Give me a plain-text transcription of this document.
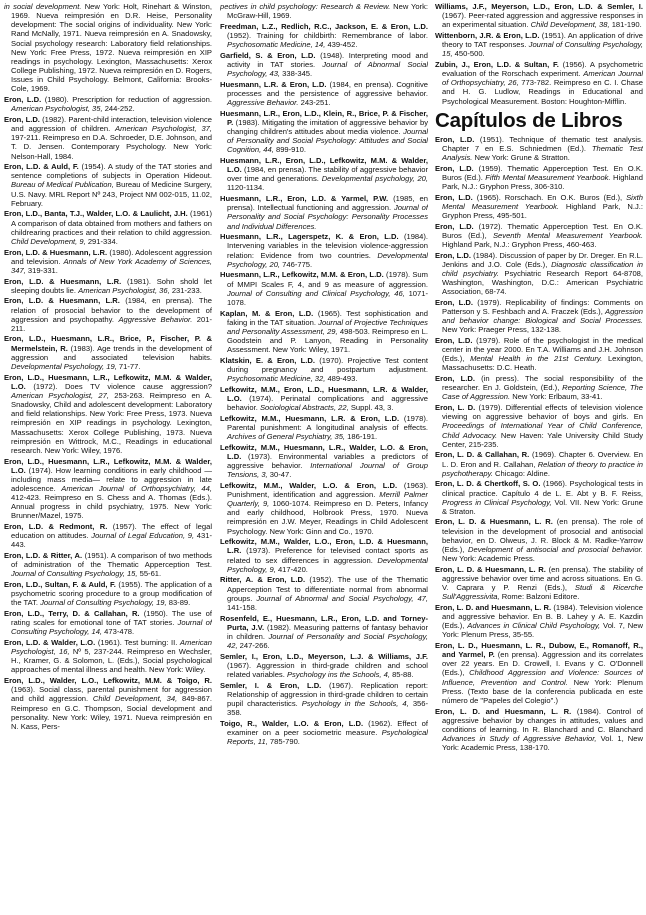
in social development. New York: Holt, Rinehart & Winston, 1969. Nueva reimpresión en D.R. Heise, Personality development: The social origins of individuality. New York: Rand McNally, 1971. Nueva reimpresión en A. Snadowsky, Social psychology research: Laboratory field relationships. New York: Free Press, 1972. Nueva reimpresión en XIP readings in psychology. Lexington, Massachusetts: Xerox College Publishing, 1972. Nueva reimpresión en D. Rogers, Issues in Child Psychology. Belmont, California: Brooks-Cole, 1969.

Eron, L.D. (1980). Prescription for reduction of aggression. American Psychologist, 35, 244-252.

Eron, L.D. (1982). Parent-child interaction, television violence and aggression of children. American Psychologist, 37, 197-211. Reimpreso en D.A. Schroeder, D.E. Johnson, and T. D. Jensen. Contemporary Psychology. New York: Nelson-Hall, 1984.

Eron, L.D. & Auld, F. (1954). A study of the TAT stories and sentence completions of subjects in Operation Hideout. Bureau of Medical Publication, Bureau of Medicine Surgery, U.S. Navy. MRL Report Nº 243, Project NM 002-015, 11.02, February.

Eron, L.D., Banta, T.J., Walder, L.O. & Laulicht, J.H. (1961) A comparison of data obtained from mothers and fathers on childrearing practices and their relation to child aggression. Child Development, 9, 291-334.

Eron, L.D. & Huesmann, L.R. (1980). Adolescent aggression and television. Annals of New York Academy of Sciences, 347, 319-331.

Eron, L.D. & Huesmann, L.R. (1981). Sohn shold let sleeping doubts lie. American Psychologist, 36, 231-233.

Eron, L.D. & Huesmann, L.R. (1984, en prensa). The relation of prosocial behavior to the development of aggression and psychopathy. Aggressive Behavior. 201-211.

Eron, L.D., Huesmann, L.R., Brice, P., Fischer, P. & Mermelstein, R. (1983). Age trends in the development of aggression and associated television habits. Developmental Psychology, 19, 71-77.

Eron, L.D., Huesmann, L.R., Lefkowitz, M.M. & Walder, L.O. (1972). Does TV violence cause aggression? American Psychologist, 27, 253-263. Reimpreso en A. Snadowsky, Child and adolescent development: Laboratory and field relationships. New York: Free Press, 1973. Nueva reimpresión en XIP readings in psychology. Lexington, Massachusetts: Xerox College Publishing, 1973. Nueva reimpresión en Wittrock, M.C., Readings in educational research. New York: Wiley, 1976.

Eron, L.D., Huesmann, L.R., Lefkowitz, M.M. & Walder, L.O. (1974). How learning conditions in early childhood —including mass media— relate to aggression in late adolescence. American Journal of Orthopsychiatry, 44, 412-423. Reimpreso en S. Chess and A. Thomas (Eds.). Annual progress in child psychiatry, 1975. New York: Brunner/Mazel, 1975.

Eron, L.D. & Redmont, R. (1957). The effect of legal education on attitudes. Journal of Legal Education, 9, 431-443.

Eron, L.D. & Ritter, A. (1951). A comparison of two methods of administration of the Thematic Apperception Test. Journal of Consulting Psychology, 15, 55-61.

Eron, L.D., Sultan, F. & Auld, F. (1955). The application of a psychometric scoring procedure to a group modification of the TAT. Journal of Consulting Psychology, 19, 83-89.

Eron, L.D., Terry, D. & Callahan, R. (1950). The use of rating scales for emotional tone of TAT stories. Journal of Consulting Psychology, 14, 473-478.

Eron, L.D. & Walder, L.O. (1961). Test burning: II. American Psychologist, 16, Nº 5, 237-244. Reimpreso en Wechsler, H., Kramer, G. & Solomon, L. (Eds.), Social psychological approaches of mental illness and health. New York: Wiley.

Eron, L.D., Walder, L.O., Lefkowitz, M.M. & Toigo, R. (1963). Social class, parental punishment for aggression and child aggression. Child Development, 34, 849-867. Reimpreso en G.C. Thompson, Social development and personality. New York: Wiley, 1971. Nueva reimpresión en N. Kass, Pers-

pectives in child psychology: Research & Review. New York: McGraw-Hill, 1969.

Freedman, L.Z., Redlich, R.C., Jackson, E. & Eron, L.D. (1952). Training for childbirth: Remembrance of labor. Psychosomatic Medicine, 14, 439-452.

Garfield, S. & Eron, L.D. (1948). Interpreting mood and activity in TAT stories. Journal of Abnormal Social Psychology, 43, 338-345.

Huesmann, L.R. & Eron, L.D. (1984, en prensa). Cognitive processes and the persistence of aggressive behavior. Aggressive Behavior. 243-251.

Huesmann, L.R., Eron, L.D., Klein, R., Brice, P. & Fischer, P. (1983). Mitigating the imitation of aggressive behavior by changing children's attitudes about media violence. Journal of Personality and Social Psychology: Attitudes and Social Cognition, 44, 899-910.

Huesmann, L.R., Eron, L.D., Lefkowitz, M.M. & Walder, L.O. (1984, en prensa). The stability of aggressive behavior over time and generations. Developmental psychology, 20, 1120-1134.

Huesmann, L.R., Eron, L.D. & Yarmel, P.W. (1985, en prensa). Intellectual functioning and aggression. Journal of Personality and Social Psychology: Personality Processes and Individual Differences.

Huesmann, L.R., Lagerspetz, K. & Eron, L.D. (1984). Intervening variables in the television violence-aggression relation: Evidence from two countries. Developmental Psychology, 20, 746-775.

Huesmann, L.R., Lefkowitz, M.M. & Eron, L.D. (1978). Sum of MMPI Scales F, 4, and 9 as measure of aggression. Journal of Consulting and Clinical Psychology, 46, 1071-1078.

Kaplan, M. & Eron, L.D. (1965). Test sophistication and faking in the TAT situation. Journal of Projective Techniques and Personality Assessment, 29, 498-503. Reimpreso en L. Goodstein and P. Lanyon, Reading in Personality Assessment. New York: Wiley, 1971.

Klatskin, E. & Eron, L.D. (1970). Projective Test content during pregnancy and postpartum adjustment. Psychosomatic Medicine, 32, 489-493.

Lefkowitz, M.M., Eron, L.D., Huesmann, L.R. & Walder, L.O. (1974). Perinatal complications and aggressive behavior. Sociological Abstracts, 22, Suppl. 43, 3.

Lefkowitz, M.M., Huesmann, L.R. & Eron, L.D. (1978). Parental punishment: A longitudinal analysis of effects. Archives of General Psychiatry, 35, 186-191.

Lefkowitz, M.M., Huesmann, L.R., Walder, L.O. & Eron, L.D. (1973). Environmental variables a predictors of aggressive behavior. International Journal of Group Tensions, 3, 30-47.

Lefkowitz, M.M., Walder, L.O. & Eron, L.D. (1963). Punishment, identification and aggression. Merrill Palmer Quarterly, 9, 1060-1074. Reimpreso en D. Peters, Infancy and early childhood, Holbrook Press, 1970. Nueva reimpresión en J.W. Meyer, Readings in Child Adolescent Psychology. New York: Ginn and Co., 1970.

Lefkowitz, M.M., Walder, L.O., Eron, L.D. & Huesmann, L.R. (1973). Preference for televised contact sports as related to sex differences in aggression. Developmental Psychology, 9, 417-420.

Ritter, A. & Eron, L.D. (1952). The use of the Thematic Apperception Test to differentiate normal from abnormal groups. Journal of Abnormal and Social Psychology, 47, 141-158.

Rosenfeld, E., Huesmann, L.R., Eron, L.D. and Torney-Purta, J.V. (1982). Measuring patterns of fantasy behavior in children. Journal of Personality and Social Psychology, 42, 247-266.

Semler, I., Eron, L.D., Meyerson, L.J. & Williams, J.F. (1967). Aggression in third-grade children and school related variables. Psychology ins the Schools, 4, 85-88.

Semler, I. & Eron, L.D. (1967). Replication report: Relationship of aggression in third-grade children to certain pupil characteristics. Psychology in the Schools, 4, 356-358.

Toigo, R., Walder, L.O. & Eron, L.D. (1962). Effect of examiner on a peer sociometric measure. Psychological Reports, 11, 785-790.

Williams, J.F., Meyerson, L.D., Eron, L.D. & Semler, I. (1967). Peer-rated aggression and aggressive responses in an experimental situation. Child Development, 38, 181-190.

Wittenborn, J.R. & Eron, L.D. (1951). An application of drive theory to TAT responses. Journal of Consulting Psychology, 15, 450-500.

Zubin, J., Eron, L.D. & Sultan, F. (1956). A psychometric evaluation of the Rorschach experiment. American Journal of Orthopsychiatry, 26, 773-782. Reimpreso en C. I. Chase and H. G. Ludlow, Readings in Educational and Psychological Measurement. Boston: Houghton-Mifflin.

Capítulos de Libros

Eron, L.D. (1951). Technique of thematic test analysis. Chapter 7 en E.S. Schniedmen (Ed.). Thematic Test Analysis. New York: Grune & Stratton.

Eron, L.D. (1959). Thematic Apperception Test. En O.K. Buros (Ed.). Fifth Mental Measurement Yearbook. Highland Park, N.J.: Gryphon Press, 306-310.

Eron, L.D. (1965). Rorschach. En O.K. Buros (Ed.), Sixth Mental Measurement Yearbook. Highland Park, N.J.: Gryphon Press, 495-501.

Eron, L.D. (1972). Thematic Apperception Test. En O.K. Buros (Ed.), Seventh Mental Measurement Yearbook. Highland Park, N.J.: Gryphon Press, 460-463.

Eron, L.D. (1984). Discussion of paper by Dr. Dreger. En R.L. Jenkins and J.O. Cole (Eds.), Diagnostic classification in child psychiatry. Psychiatric Research Report 64-8708, Washington, Washington, D.C.: American Psychiatric Association, 68-74.

Eron, L.D. (1979). Replicability of findings: Comments on Patterson y S. Feshbach and A. Fraczek (Eds.), Aggression and behavior change: Biological and Social Processes. New York: Praeger Press, 132-138.

Eron, L.D. (1979). Role of the psychologist in the medical center in the year 2000. En T.A. Williams and J.H. Johnson (Eds.), Mental Health in the 21st Century. Lexington, Massachusetts: D.C. Heath.

Eron, L.D. (in press). The social responsibility of the researcher. En J. Goldstein, (Ed.), Reporting Science, The Case of Aggression. New York: Erlbaum, 33-41.

Eron, L. D. (1979). Differential effects of television violence viewing on aggressive behavior of boys and girls. En Proceedings of International Year of Child Conference, Child Advocacy. New Haven: Yale University Child Study Center, 215-235.

Eron, L. D. & Callahan, R. (1969). Chapter 6. Overview. En L. D. Eron and R. Callahan, Relation of theory to practice in psychotherapy. Chicago: Aldine.

Eron, L. D. & Chertkoff, S. O. (1966). Psychological tests in clinical practice. Capítulo 4 de L. E. Abt y B. F. Reiss, Progress in Clinical Psychology, Vol. VII. New York: Grune & Straton.

Eron, L. D. & Huesmann, L. R. (en prensa). The role of television in the development of prosocial and antisocial behavior, en D. Olweus, J. R. Block & M. Radke-Yarrow (Eds.), Development of antisocial and prosocial behavior. New York: Academic Press.

Eron, L. D. & Huesmann, L. R. (en prensa). The stability of aggressive behavior over time and across situations. En G. V. Caprara y P. Renzi (Eds.), Studi & Ricerche Sull'Aggressivita, Rome: Balzoni Editore.

Eron, L. D. and Huesmann, L. R. (1984). Television violence and aggressive behavior. En B. B. Lahey y A. E. Kazdin (Eds.), Advances in Clinical Child Psychology, Vol. 7, New York: Plenum Press, 35-55.

Eron, L. D., Huesmann, L. R., Dubow, E., Romanoff, R., and Yarmel, P. (en prensa). Aggression and its correlates over 22 years. En D. Crowell, I. Evans y C. O'Donnell (Eds.), Childhood Aggression and Violence: Sources of Influence, Prevention and Control. New York: Plenum Press. (Texto base de la conferencia publicada en este número de "Papeles del Colegio".)

Eron, L. D. and Huesmann, L. R. (1984). Control of aggressive behavior by changes in attitudes, values and conditions of learning. In R. Blanchard and C. Blanchard Advances in Study of Aggressive Behavior, Vol. 1, New York: Academic Press, 138-170.
